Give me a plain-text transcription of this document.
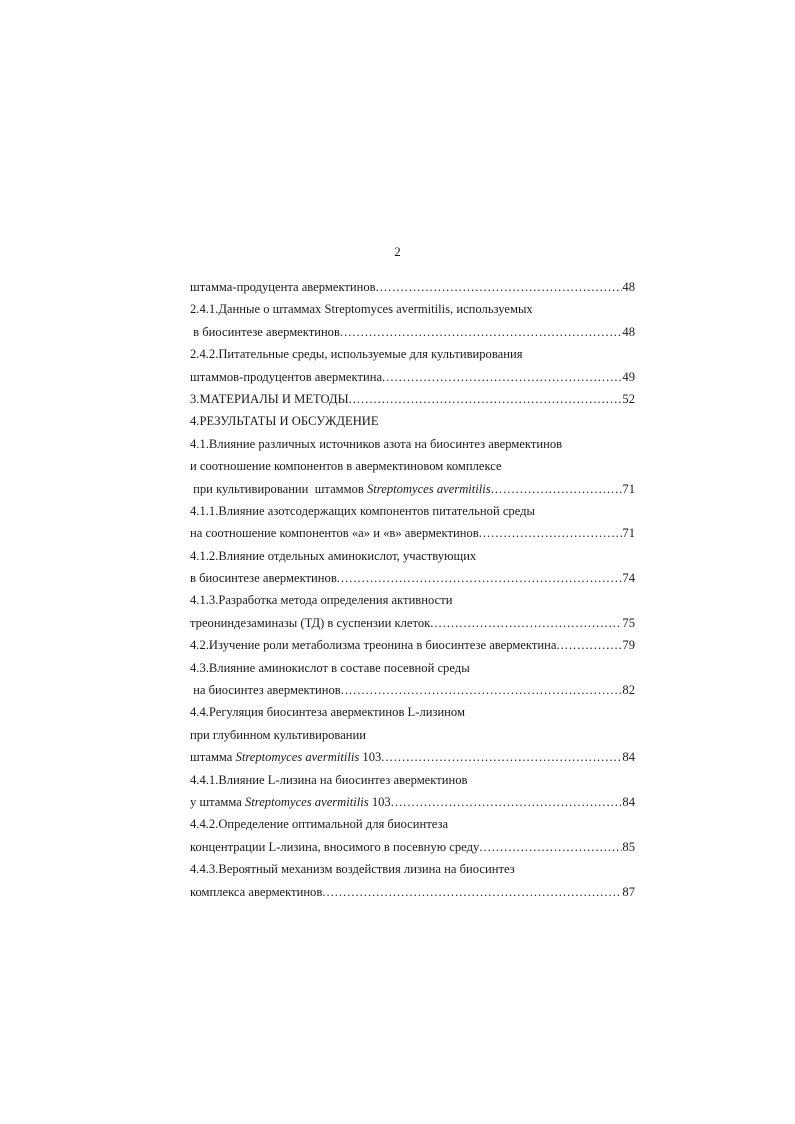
2
штамма-продуцента авермектинов .....	48
2.4.1.Данные о штаммах Streptomyces avermitilis, используемых
в биосинтезе авермектинов .....	48
2.4.2.Питательные среды, используемые для культивирования
штаммов-продуцентов авермектина .....	49
3.МАТЕРИАЛЫ И МЕТОДЫ .....	52
4.РЕЗУЛЬТАТЫ И ОБСУЖДЕНИЕ
4.1.Влияние различных источников азота на биосинтез авермектинов
и соотношение компонентов в авермектиновом комплексе
при культивировании  штаммов Streptomyces avermitilis .....	71
4.1.1.Влияние азотсодержащих компонентов питательной среды
на соотношение компонентов «а» и «в» авермектинов .....	71
4.1.2.Влияние отдельных аминокислот, участвующих
в биосинтезе авермектинов .....	74
4.1.3.Разработка метода определения активности
треониндезаминазы (ТД) в суспензии клеток .....	75
4.2.Изучение роли метаболизма треонина в биосинтезе авермектина .....	79
4.3.Влияние аминокислот в составе посевной среды
на биосинтез авермектинов .....	82
4.4.Регуляция биосинтеза авермектинов L-лизином
при глубинном культивировании
штамма Streptomyces avermitilis 103 .....	84
4.4.1.Влияние L-лизина на биосинтез авермектинов
у штамма Streptomyces avermitilis 103 .....	84
4.4.2.Определение оптимальной для биосинтеза
концентрации L-лизина, вносимого в посевную среду .....	85
4.4.3.Вероятный механизм воздействия лизина на биосинтез
комплекса авермектинов .....	87
